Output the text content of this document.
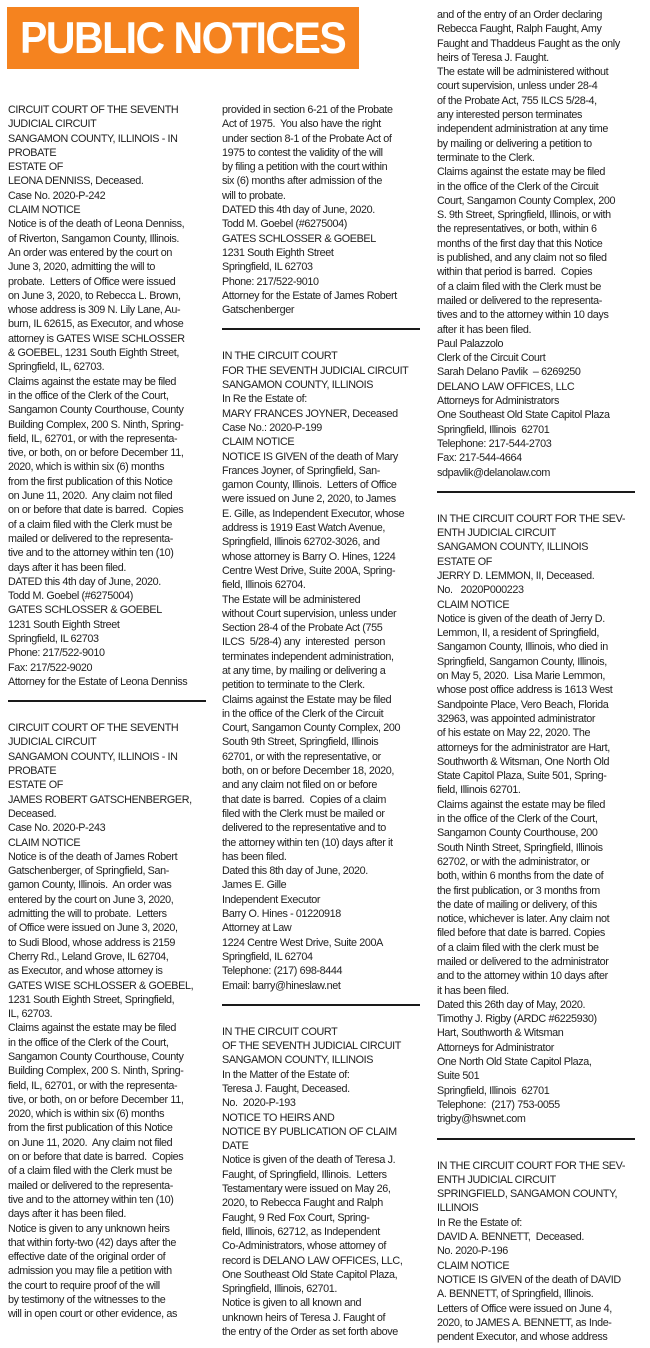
PUBLIC NOTICES
CIRCUIT COURT OF THE SEVENTH
JUDICIAL CIRCUIT
SANGAMON COUNTY, ILLINOIS - IN
PROBATE
ESTATE OF
LEONA DENNISS, Deceased.
Case No. 2020-P-242
CLAIM NOTICE
Notice is of the death of Leona Denniss,
of Riverton, Sangamon County, Illinois.
An order was entered by the court on
June 3, 2020, admitting the will to
probate.  Letters of Office were issued
on June 3, 2020, to Rebecca L. Brown,
whose address is 309 N. Lily Lane, Au-
burn, IL 62615, as Executor, and whose
attorney is GATES WISE SCHLOSSER
& GOEBEL, 1231 South Eighth Street,
Springfield, IL, 62703.
Claims against the estate may be filed
in the office of the Clerk of the Court,
Sangamon County Courthouse, County
Building Complex, 200 S. Ninth, Spring-
field, IL, 62701, or with the representa-
tive, or both, on or before December 11,
2020, which is within six (6) months
from the first publication of this Notice
on June 11, 2020.  Any claim not filed
on or before that date is barred.  Copies
of a claim filed with the Clerk must be
mailed or delivered to the representa-
tive and to the attorney within ten (10)
days after it has been filed.
DATED this 4th day of June, 2020.
Todd M. Goebel (#6275004)
GATES SCHLOSSER & GOEBEL
1231 South Eighth Street
Springfield, IL 62703
Phone: 217/522-9010
Fax: 217/522-9020
Attorney for the Estate of Leona Denniss
CIRCUIT COURT OF THE SEVENTH
JUDICIAL CIRCUIT
SANGAMON COUNTY, ILLINOIS - IN
PROBATE
ESTATE OF
JAMES ROBERT GATSCHENBERGER,
Deceased.
Case No. 2020-P-243
CLAIM NOTICE
Notice is of the death of James Robert
Gatschenberger, of Springfield, San-
gamon County, Illinois.  An order was
entered by the court on June 3, 2020,
admitting the will to probate.  Letters
of Office were issued on June 3, 2020,
to Sudi Blood, whose address is 2159
Cherry Rd., Leland Grove, IL 62704,
as Executor, and whose attorney is
GATES WISE SCHLOSSER & GOEBEL,
1231 South Eighth Street, Springfield,
IL, 62703.
Claims against the estate may be filed
in the office of the Clerk of the Court,
Sangamon County Courthouse, County
Building Complex, 200 S. Ninth, Spring-
field, IL, 62701, or with the representa-
tive, or both, on or before December 11,
2020, which is within six (6) months
from the first publication of this Notice
on June 11, 2020.  Any claim not filed
on or before that date is barred.  Copies
of a claim filed with the Clerk must be
mailed or delivered to the representa-
tive and to the attorney within ten (10)
days after it has been filed.
Notice is given to any unknown heirs
that within forty-two (42) days after the
effective date of the original order of
admission you may file a petition with
the court to require proof of the will
by testimony of the witnesses to the
will in open court or other evidence, as
provided in section 6-21 of the Probate
Act of 1975.  You also have the right
under section 8-1 of the Probate Act of
1975 to contest the validity of the will
by filing a petition with the court within
six (6) months after admission of the
will to probate.
DATED this 4th day of June, 2020.
Todd M. Goebel (#6275004)
GATES SCHLOSSER & GOEBEL
1231 South Eighth Street
Springfield, IL 62703
Phone: 217/522-9010
Attorney for the Estate of James Robert
Gatschenberger
IN THE CIRCUIT COURT
FOR THE SEVENTH JUDICIAL CIRCUIT
SANGAMON COUNTY, ILLINOIS
In Re the Estate of:
MARY FRANCES JOYNER, Deceased
Case No.: 2020-P-199
CLAIM NOTICE
NOTICE IS GIVEN of the death of Mary
Frances Joyner, of Springfield, San-
gamon County, Illinois.  Letters of Office
were issued on June 2, 2020, to James
E. Gille, as Independent Executor, whose
address is 1919 East Watch Avenue,
Springfield, Illinois 62702-3026, and
whose attorney is Barry O. Hines, 1224
Centre West Drive, Suite 200A, Spring-
field, Illinois 62704.
The Estate will be administered
without Court supervision, unless under
Section 28-4 of the Probate Act (755
ILCS  5/28-4) any  interested  person
terminates independent administration,
at any time, by mailing or delivering a
petition to terminate to the Clerk.
Claims against the Estate may be filed
in the office of the Clerk of the Circuit
Court, Sangamon County Complex, 200
South 9th Street, Springfield, Illinois
62701, or with the representative, or
both, on or before December 18, 2020,
and any claim not filed on or before
that date is barred.  Copies of a claim
filed with the Clerk must be mailed or
delivered to the representative and to
the attorney within ten (10) days after it
has been filed.
Dated this 8th day of June, 2020.
James E. Gille
Independent Executor
Barry O. Hines - 01220918
Attorney at Law
1224 Centre West Drive, Suite 200A
Springfield, IL 62704
Telephone: (217) 698-8444
Email: barry@hineslaw.net
IN THE CIRCUIT COURT
OF THE SEVENTH JUDICIAL CIRCUIT
SANGAMON COUNTY, ILLINOIS
In the Matter of the Estate of:
Teresa J. Faught, Deceased.
No.  2020-P-193
NOTICE TO HEIRS AND
NOTICE BY PUBLICATION OF CLAIM
DATE
Notice is given of the death of Teresa J.
Faught, of Springfield, Illinois.  Letters
Testamentary were issued on May 26,
2020, to Rebecca Faught and Ralph
Faught, 9 Red Fox Court, Spring-
field, Illinois, 62712, as Independent
Co-Administrators, whose attorney of
record is DELANO LAW OFFICES, LLC,
One Southeast Old State Capitol Plaza,
Springfield, Illinois, 62701.
Notice is given to all known and
unknown heirs of Teresa J. Faught of
the entry of the Order as set forth above
and of the entry of an Order declaring
Rebecca Faught, Ralph Faught, Amy
Faught and Thaddeus Faught as the only
heirs of Teresa J. Faught.
The estate will be administered without
court supervision, unless under 28-4
of the Probate Act, 755 ILCS 5/28-4,
any interested person terminates
independent administration at any time
by mailing or delivering a petition to
terminate to the Clerk.
Claims against the estate may be filed
in the office of the Clerk of the Circuit
Court, Sangamon County Complex, 200
S. 9th Street, Springfield, Illinois, or with
the representatives, or both, within 6
months of the first day that this Notice
is published, and any claim not so filed
within that period is barred.  Copies
of a claim filed with the Clerk must be
mailed or delivered to the representa-
tives and to the attorney within 10 days
after it has been filed.
Paul Palazzolo
Clerk of the Circuit Court
Sarah Delano Pavlik  – 6269250
DELANO LAW OFFICES, LLC
Attorneys for Administrators
One Southeast Old State Capitol Plaza
Springfield, Illinois  62701
Telephone: 217-544-2703
Fax: 217-544-4664
sdpavlik@delanolaw.com
IN THE CIRCUIT COURT FOR THE SEV-
ENTH JUDICIAL CIRCUIT
SANGAMON COUNTY, ILLINOIS
ESTATE OF
JERRY D. LEMMON, II, Deceased.
No.   2020P000223
CLAIM NOTICE
Notice is given of the death of Jerry D.
Lemmon, II, a resident of Springfield,
Sangamon County, Illinois, who died in
Springfield, Sangamon County, Illinois,
on May 5, 2020.  Lisa Marie Lemmon,
whose post office address is 1613 West
Sandpointe Place, Vero Beach, Florida
32963, was appointed administrator
of his estate on May 22, 2020. The
attorneys for the administrator are Hart,
Southworth & Witsman, One North Old
State Capitol Plaza, Suite 501, Spring-
field, Illinois 62701.
Claims against the estate may be filed
in the office of the Clerk of the Court,
Sangamon County Courthouse, 200
South Ninth Street, Springfield, Illinois
62702, or with the administrator, or
both, within 6 months from the date of
the first publication, or 3 months from
the date of mailing or delivery, of this
notice, whichever is later. Any claim not
filed before that date is barred. Copies
of a claim filed with the clerk must be
mailed or delivered to the administrator
and to the attorney within 10 days after
it has been filed.
Dated this 26th day of May, 2020.
Timothy J. Rigby (ARDC #6225930)
Hart, Southworth & Witsman
Attorneys for Administrator
One North Old State Capitol Plaza,
Suite 501
Springfield, Illinois  62701
Telephone:  (217) 753-0055
trigby@hswnet.com
IN THE CIRCUIT COURT FOR THE SEV-
ENTH JUDICIAL CIRCUIT
SPRINGFIELD, SANGAMON COUNTY,
ILLINOIS
In Re the Estate of:
DAVID A. BENNETT,  Deceased.
No. 2020-P-196
CLAIM NOTICE
NOTICE IS GIVEN of the death of DAVID
A. BENNETT, of Springfield, Illinois.
Letters of Office were issued on June 4,
2020, to JAMES A. BENNETT, as Inde-
pendent Executor, and whose address
